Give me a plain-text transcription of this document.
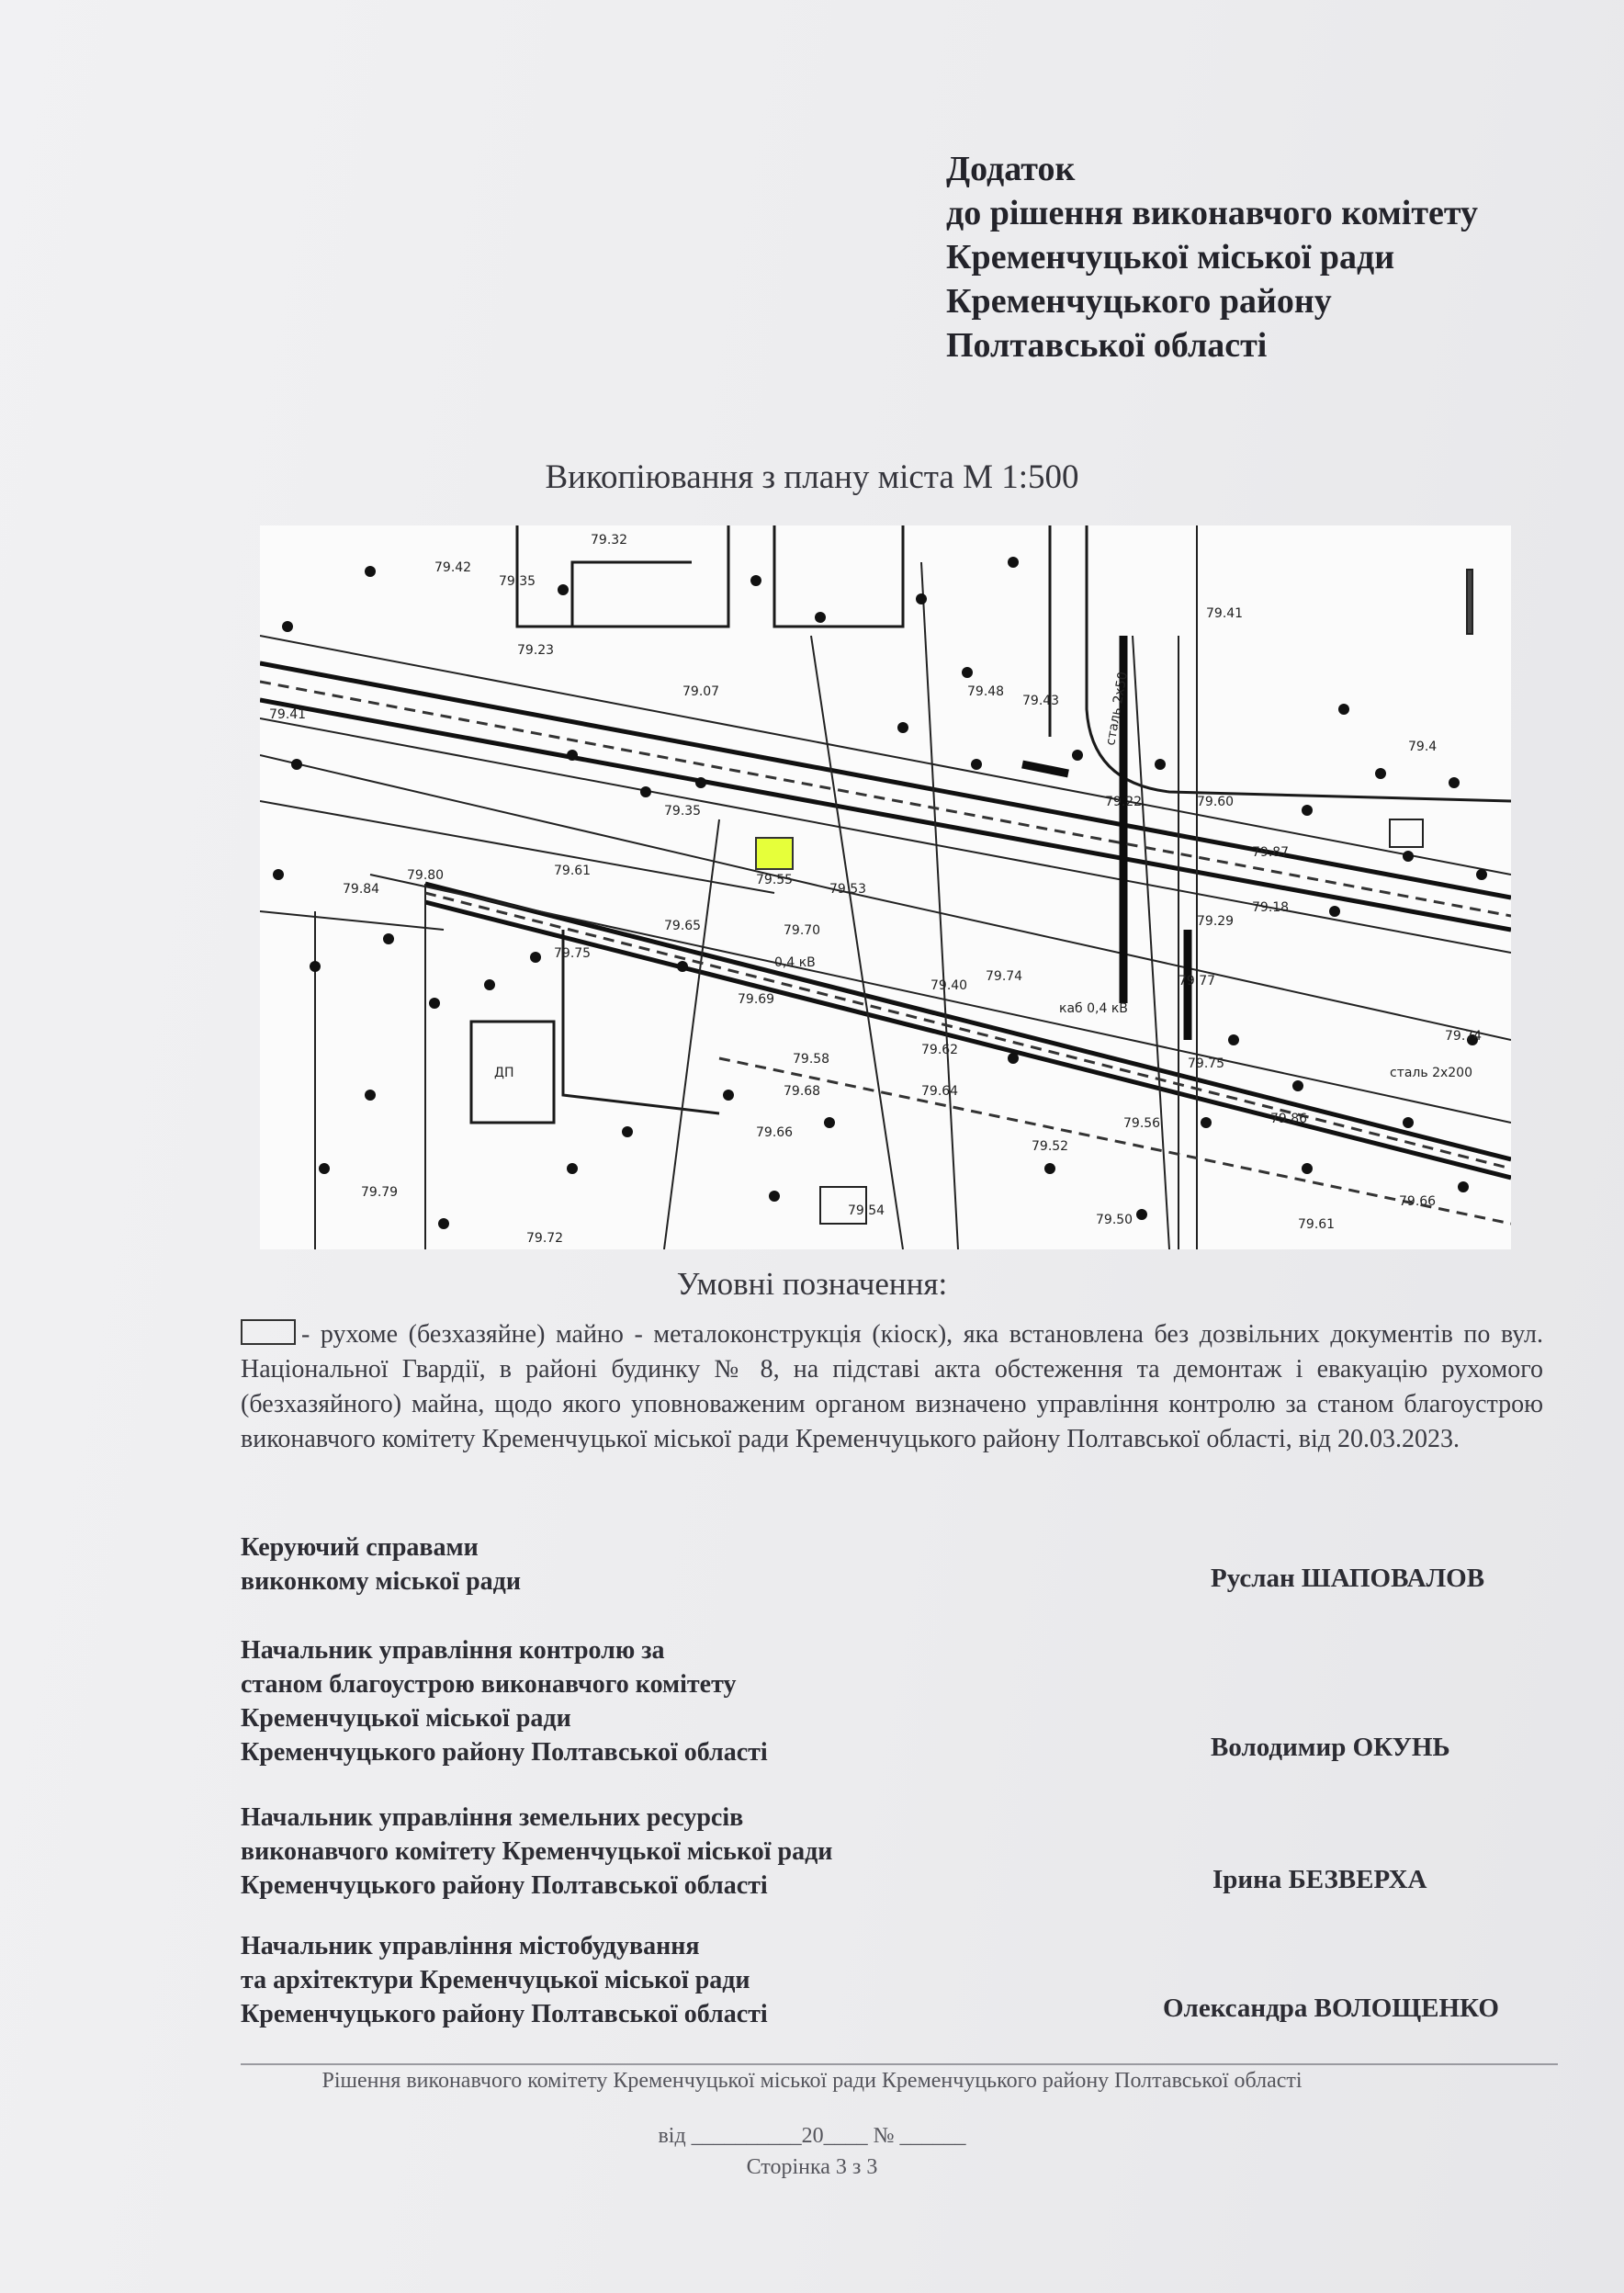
Додаток
до рішення виконавчого комітету
Кременчуцької міської ради
Кременчуцького району
Полтавської області
Викопіювання з плану міста М 1:500
79.42
79.35
79.32
79.23
79.07
79.41
79.48
79.43
79.4
79.60
79.35
79.22
79.55
79.53
79.61
79.84
79.80
79.75
79.70
79.69
79.65
79.58
79.68
79.66
79.64
79.62
79.74
79.40	79.77
79.87
79.18
79.29
79.75
79.61
79.56
79.52
79.50
79.79
79.72
79.54
79.74
79.66
79.41
сталь 2х200
сталь 2х50
каб 0,4 кВ
ДП
0,4 кВ
79.86
Умовні позначення:
- рухоме (безхазяйне) майно - металоконструкція (кіоск), яка встановлена без дозвільних документів по вул. Національної Гвардії, в районі будинку № 8, на підставі акта обстеження та демонтаж і евакуацію рухомого (безхазяйного) майна, щодо якого уповноваженим органом визначено управління контролю за станом благоустрою виконавчого комітету Кременчуцької міської ради Кременчуцького району Полтавської області, від 20.03.2023.
Керуючий справами
виконкому міської ради	Руслан ШАПОВАЛОВ
Начальник управління контролю за
станом благоустрою виконавчого комітету
Кременчуцької міської ради
Кременчуцького району Полтавської області	Володимир ОКУНЬ
Начальник управління земельних ресурсів
виконавчого комітету Кременчуцької міської ради
Кременчуцького району Полтавської області	Ірина БЕЗВЕРХА
Начальник управління містобудування
та архітектури Кременчуцької міської ради
Кременчуцького району Полтавської області	Олександра ВОЛОЩЕНКО
Рішення виконавчого комітету Кременчуцької міської ради Кременчуцького району Полтавської області
від __________20____ № ______
Сторінка 3 з 3
